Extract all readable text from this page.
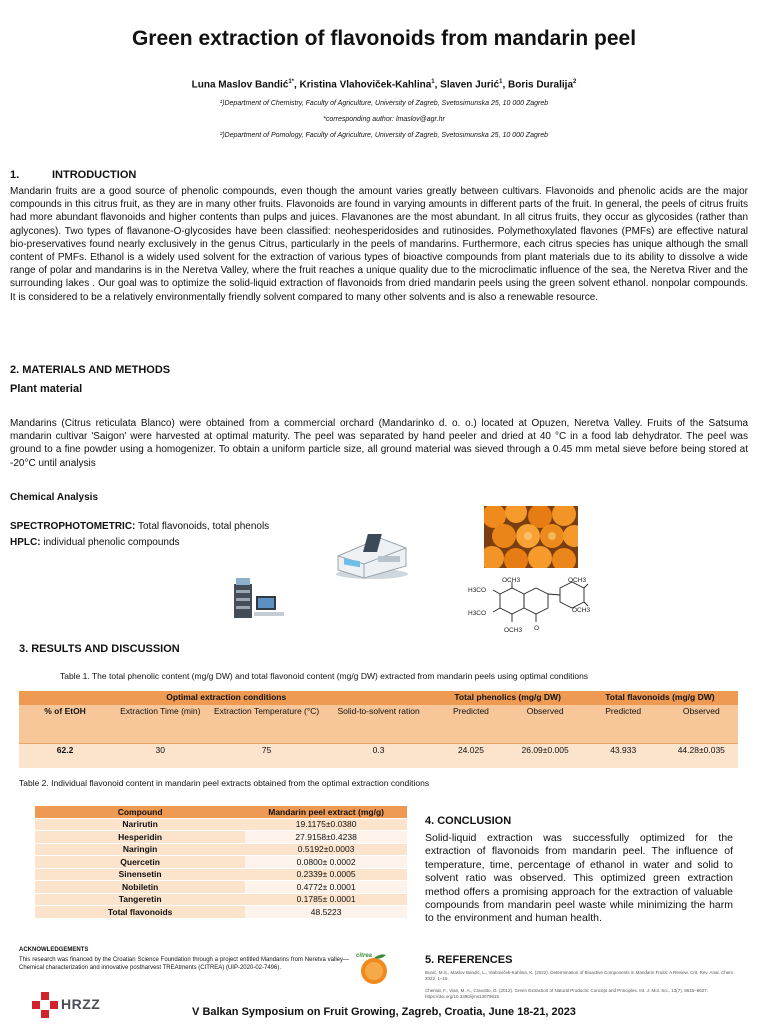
Green extraction of flavonoids from mandarin peel
Luna Maslov Bandić$^{1*}$, Kristina Vlahoviček-Kahlina$^1$, Slaven Jurić$^1$, Boris Duralija$^2$
¹)Department of Chemistry, Faculty of Agriculture, University of Zagreb, Svetosimunska 25, 10 000 Zagreb
*corresponding author: lmaslov@agr.hr
²)Department of Pomology, Faculty of Agriculture, University of Zagreb, Svetosimunska 25, 10 000 Zagreb
1.	INTRODUCTION
Mandarin fruits are a good source of phenolic compounds, even though the amount varies greatly between cultivars. Flavonoids and phenolic acids are the major compounds in this citrus fruit, as they are in many other fruits. Flavonoids are found in varying amounts in different parts of the fruit. In general, the peels of citrus fruits had more abundant flavonoids and higher contents than pulps and juices. Flavanones are the most abundant. In all citrus fruits, they occur as glycosides (rather than aglycones). Two types of flavanone-O-glycosides have been classified: neohesperidosides and rutinosides. Polymethoxylated flavones (PMFs) are effective natural bio-preservatives found nearly exclusively in the genus Citrus, particularly in the peels of mandarins. Furthermore, each citrus species has unique although the small content of PMFs. Ethanol is a widely used solvent for the extraction of various types of bioactive compounds from plant materials due to its ability to dissolve a wide range of polar and mandarins is in the Neretva Valley, where the fruit reaches a unique quality due to the microclimatic influence of the sea, the Neretva River and the surrounding lakes . Our goal was to optimize the solid-liquid extraction of flavonoids from dried mandarin peels using the green solvent ethanol. nonpolar compounds. It is considered to be a relatively environmentally friendly solvent compared to many other solvents and is also a renewable resource.
2. MATERIALS AND METHODS
Plant material
Mandarins (Citrus reticulata Blanco) were obtained from a commercial orchard (Mandarinko d. o. o.) located at Opuzen, Neretva Valley. Fruits of the Satsuma mandarin cultivar 'Saigon' were harvested at optimal maturity. The peel was separated by hand peeler and dried at 40 °C in a food lab dehydrator. The peel was ground to a fine powder using a homogenizer. To obtain a uniform particle size, all ground material was sieved through a 0.45 mm metal sieve before being stored at -20°C until analysis
Chemical Analysis
SPECTROPHOTOMETRIC: Total flavonoids, total phenols
HPLC: individual phenolic compounds
OCH3	OCH3
OCH3
H3CO
H3CO
OCH3 O
3. RESULTS AND DISCUSSION
Table 1. The total phenolic content (mg/g DW) and total flavonoid content (mg/g DW) extracted from mandarin peels using optimal conditions
Optimal extraction conditions				Total phenolics (mg/g DW)		Total flavonoids (mg/g DW)	
% of EtOH	Extraction Time (min)	Extraction Temperature (°C)	Solid-to-solvent ration	Predicted	Observed	Predicted	Observed
62.2	30	75	0.3	24.025	26.09±0.005	43.933	44.28±0.035
Table 2. Individual flavonoid content in mandarin peel extracts obtained from the optimal extraction conditions
Compound	Mandarin peel extract (mg/g)
Narirutin	19.1175±0.0380
Hesperidin	27.9158±0.4238
Naringin	0.5192±0.0003
Quercetin	0.0800± 0.0002
Sinensetin	0.2339± 0.0005
Nobiletin	0.4772± 0.0001
Tangeretin	0.1785± 0.0001
Total flavonoids	48.5223
4. CONCLUSION
Solid-liquid extraction was successfully optimized for the extraction of flavonoids from mandarin peel. The influence of temperature, time, percentage of ethanol in water and solid to solvent ratio was observed. This optimized green extraction method offers a promising approach for the extraction of valuable compounds from mandarin peel waste while minimizing the harm to the environment and human health.
5. REFERENCES
Bunić, M.S., Maslov Bandić, L., Vlahoviček-Kahlina, K. (2022). Determination of Bioactive Components in Mandarin Fruits: A Review. Crit. Rev. Anal. Chem. 2022, 1–16.
Chemat, F., Vian, M. A., Cravotto, G. (2012). Green Extraction of Natural Products: Concept and Principles. Int. J. Mol. Sci., 13(7), 8615–8627. https://doi.org/10.3390/ijms13078615
ACKNOWLEDGEMENTS
This research was financed by the Croatian Science Foundation through a project entitled Mandarins from Neretva valley—Chemical characterization and innovative postharvest TREAtments (CITREA) (UIP-2020-02-7496).
citrea
HRZZ	V Balkan Symposium on Fruit Growing, Zagreb, Croatia, June 18-21, 2023
